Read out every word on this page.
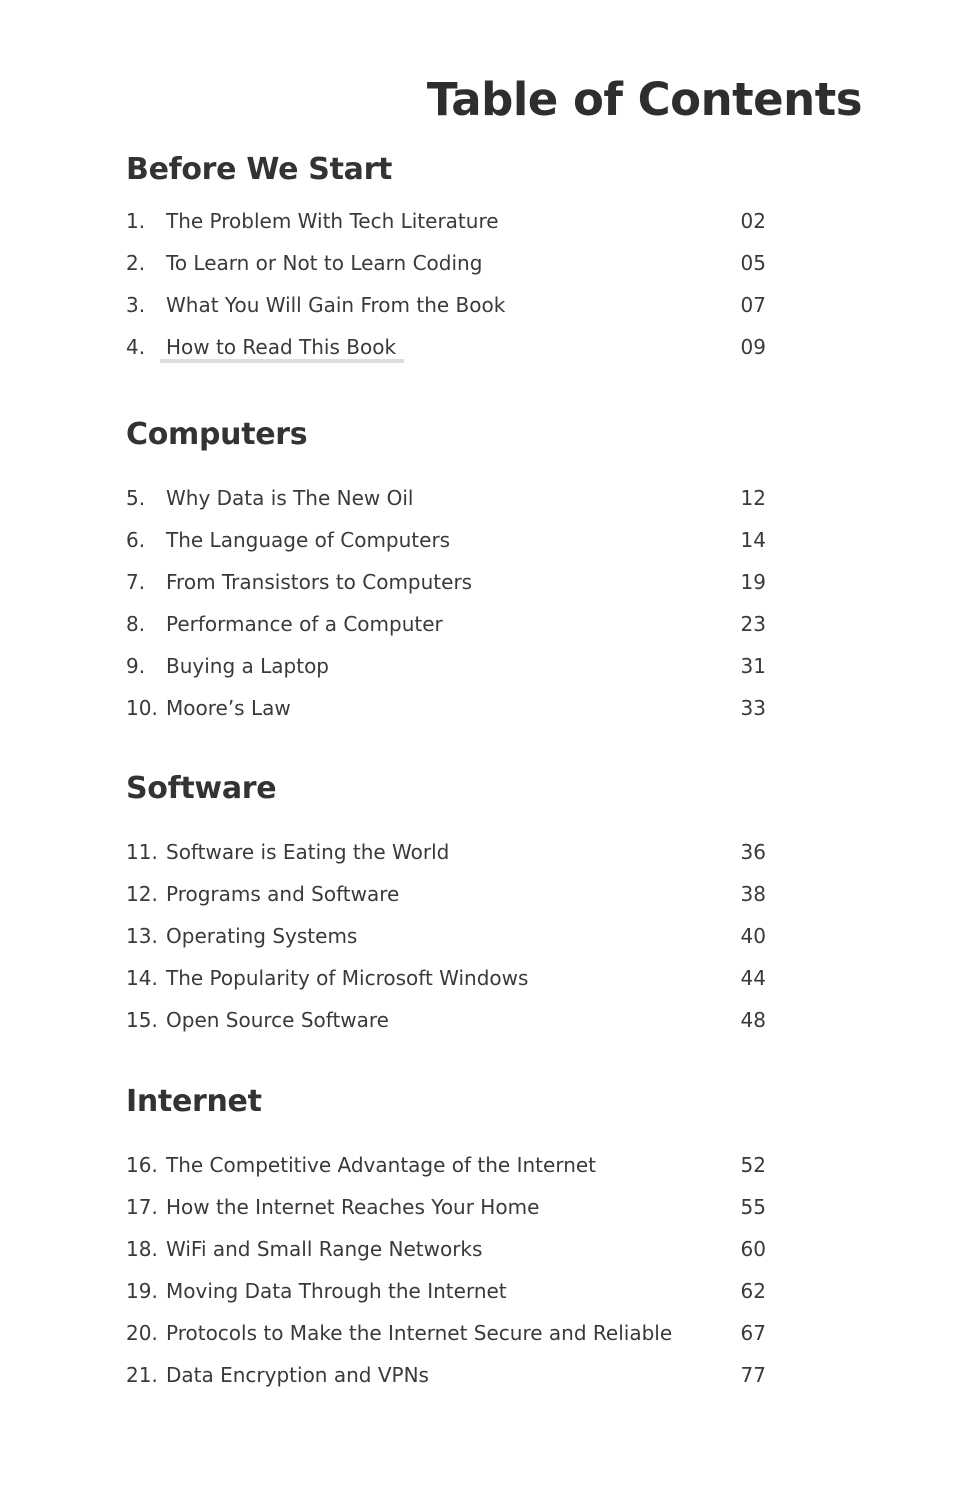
Table of Contents
Before We Start
1. The Problem With Tech Literature	02
2. To Learn or Not to Learn Coding	05
3. What You Will Gain From the Book	07
4.	How to Read This Book	09
Computers
5. Why Data is The New Oil	12
6. The Language of Computers	14
7. From Transistors to Computers	19
8. Performance of a Computer	23
9. Buying a Laptop	31
10. Moore’s Law	33
Software
11. Software is Eating the World	36
12. Programs and Software	38
13. Operating Systems	40
14. The Popularity of Microsoft Windows	44
15. Open Source Software	48
Internet
16. The Competitive Advantage of the Internet	52
17. How the Internet Reaches Your Home	55
18. WiFi and Small Range Networks	60
19. Moving Data Through the Internet	62
20. Protocols to Make the Internet Secure and Reliable	67
21. Data Encryption and VPNs	77
